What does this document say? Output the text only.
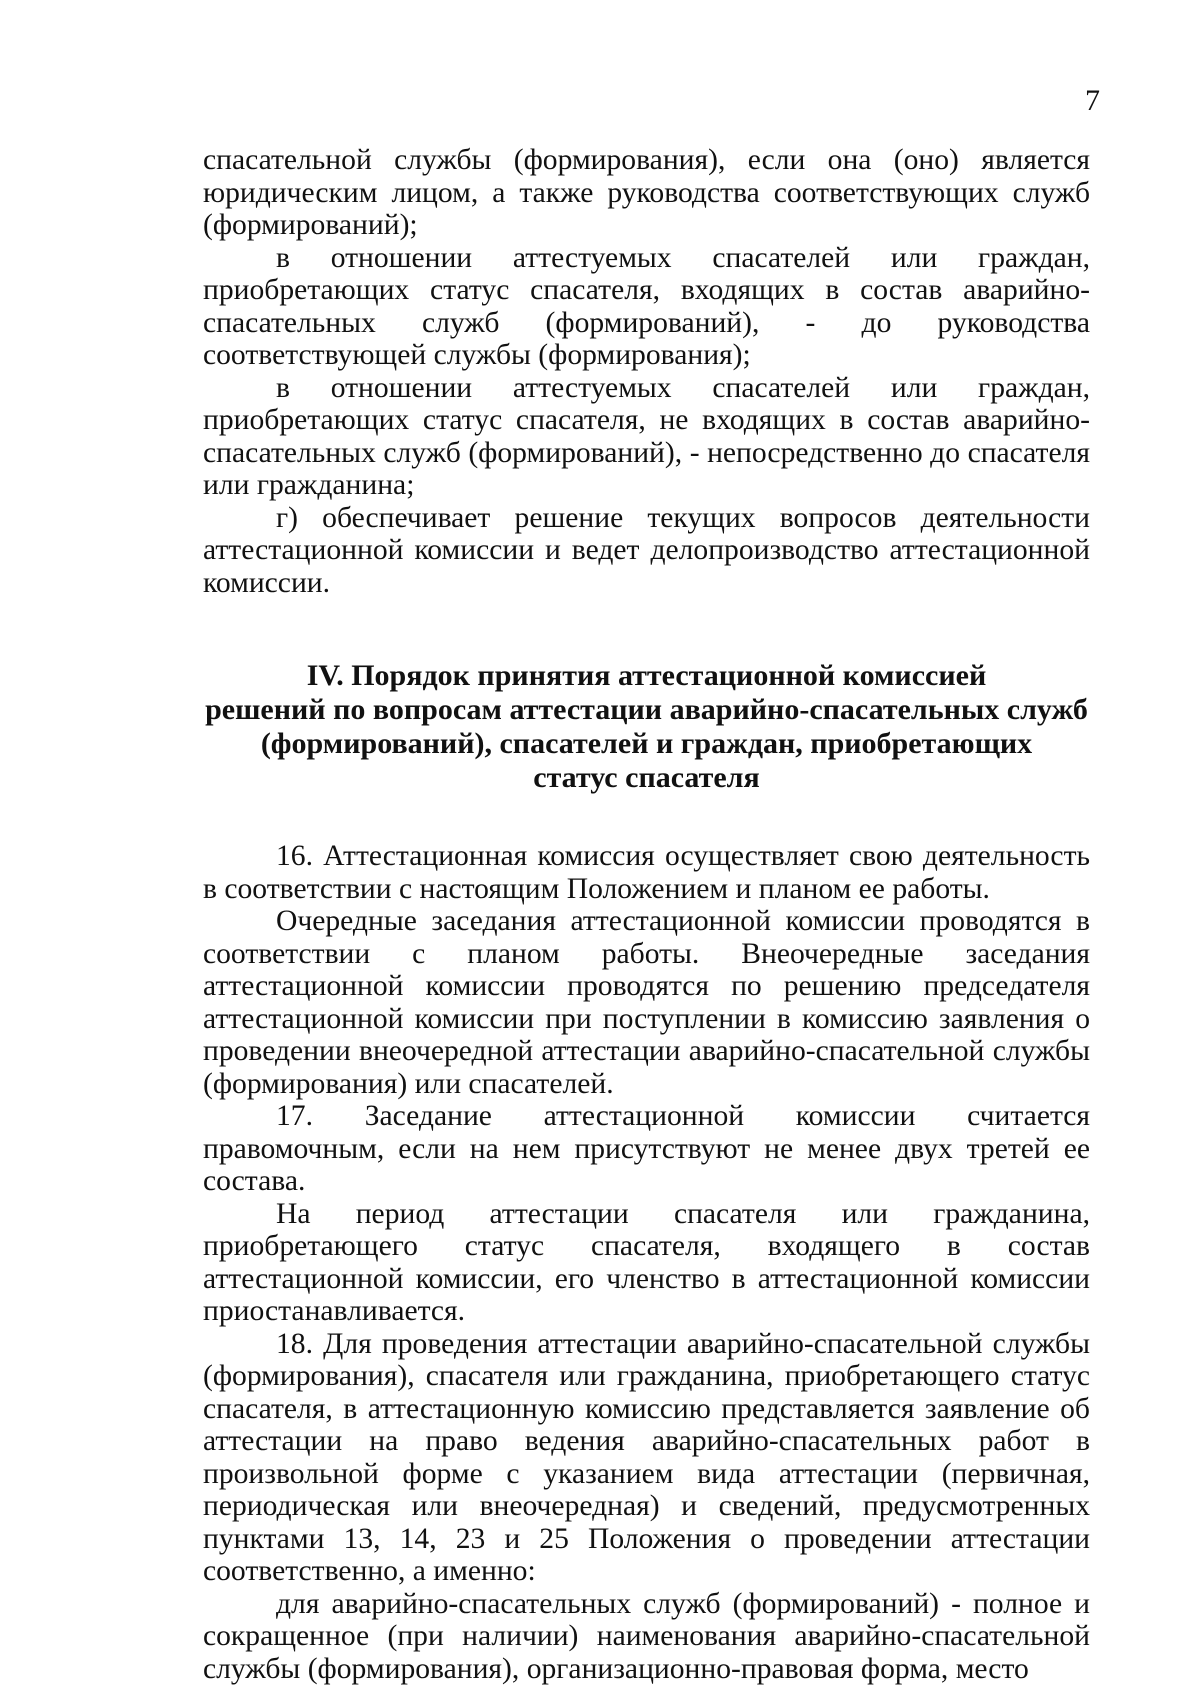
7

спасательной службы (формирования), если она (оно) является юридическим лицом, а также руководства соответствующих служб (формирований);

в отношении аттестуемых спасателей или граждан, приобретающих статус спасателя, входящих в состав аварийно-спасательных служб (формирований), - до руководства соответствующей службы (формирования);

в отношении аттестуемых спасателей или граждан, приобретающих статус спасателя, не входящих в состав аварийно-спасательных служб (формирований), - непосредственно до спасателя или гражданина;

г) обеспечивает решение текущих вопросов деятельности аттестационной комиссии и ведет делопроизводство аттестационной комиссии.

IV. Порядок принятия аттестационной комиссией
решений по вопросам аттестации аварийно-спасательных служб
(формирований), спасателей и граждан, приобретающих
статус спасателя

16. Аттестационная комиссия осуществляет свою деятельность в соответствии с настоящим Положением и планом ее работы.

Очередные заседания аттестационной комиссии проводятся в соответствии с планом работы. Внеочередные заседания аттестационной комиссии проводятся по решению председателя аттестационной комиссии при поступлении в комиссию заявления о проведении внеочередной аттестации аварийно-спасательной службы (формирования) или спасателей.

17. Заседание аттестационной комиссии считается правомочным, если на нем присутствуют не менее двух третей ее состава.

На период аттестации спасателя или гражданина, приобретающего статус спасателя, входящего в состав аттестационной комиссии, его членство в аттестационной комиссии приостанавливается.

18. Для проведения аттестации аварийно-спасательной службы (формирования), спасателя или гражданина, приобретающего статус спасателя, в аттестационную комиссию представляется заявление об аттестации на право ведения аварийно-спасательных работ в произвольной форме с указанием вида аттестации (первичная, периодическая или внеочередная) и сведений, предусмотренных пунктами 13, 14, 23 и 25 Положения о проведении аттестации соответственно, а именно:

для аварийно-спасательных служб (формирований) - полное и сокращенное (при наличии) наименования аварийно-спасательной службы (формирования), организационно-правовая форма, место
